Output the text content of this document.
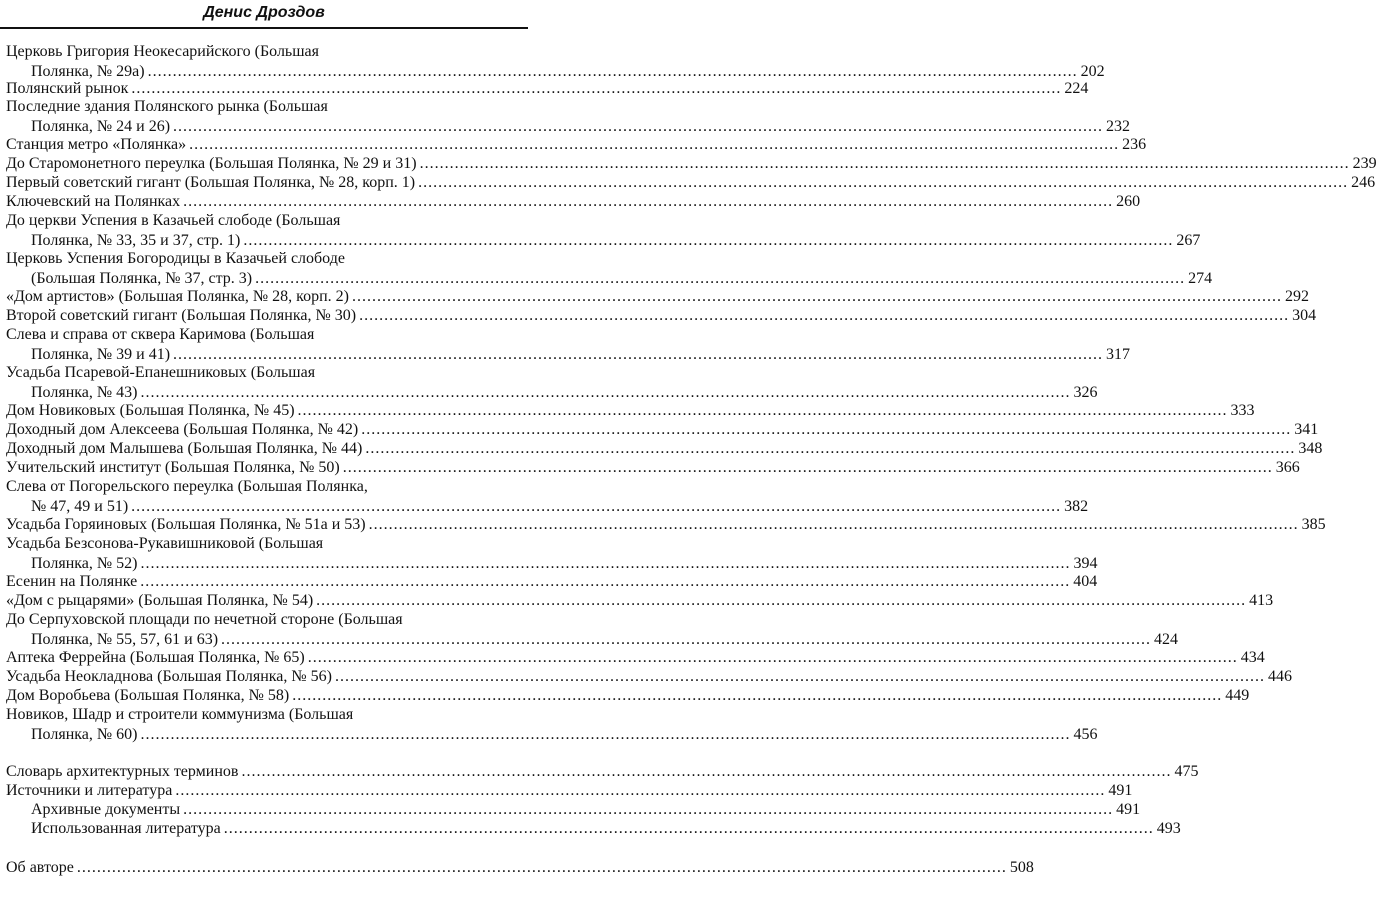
Денис Дроздов
Церковь Григория Неокесарийского (Большая
Полянка, № 29а) .....	202
Полянский рынок .....	224
Последние здания Полянского рынка (Большая
Полянка, № 24 и 26) .....	232
Станция метро «Полянка» .....	236
До Старомонетного переулка (Большая Полянка, № 29 и 31) .....	239
Первый советский гигант (Большая Полянка, № 28, корп. 1) .....	246
Ключевский на Полянках .....	260
До церкви Успения в Казачьей слободе (Большая
Полянка, № 33, 35 и 37, стр. 1) .....	267
Церковь Успения Богородицы в Казачьей слободе
(Большая Полянка, № 37, стр. 3) .....	274
«Дом артистов» (Большая Полянка, № 28, корп. 2) .....	292
Второй советский гигант (Большая Полянка, № 30) .....	304
Слева и справа от сквера Каримова (Большая
Полянка, № 39 и 41) .....	317
Усадьба Псаревой-Епанешниковых (Большая
Полянка, № 43) .....	326
Дом Новиковых (Большая Полянка, № 45) .....	333
Доходный дом Алексеева (Большая Полянка, № 42) .....	341
Доходный дом Малышева (Большая Полянка, № 44) .....	348
Учительский институт (Большая Полянка, № 50) .....	366
Слева от Погорельского переулка (Большая Полянка,
№ 47, 49 и 51) .....	382
Усадьба Горяиновых (Большая Полянка, № 51а и 53) .....	385
Усадьба Безсонова-Рукавишниковой (Большая
Полянка, № 52) .....	394
Есенин на Полянке .....	404
«Дом с рыцарями» (Большая Полянка, № 54) .....	413
До Серпуховской площади по нечетной стороне (Большая
Полянка, № 55, 57, 61 и 63) .....	424
Аптека Феррейна (Большая Полянка, № 65) .....	434
Усадьба Неокладнова (Большая Полянка, № 56) .....	446
Дом Воробьева (Большая Полянка, № 58) .....	449
Новиков, Шадр и строители коммунизма (Большая
Полянка, № 60) .....	456
Словарь архитектурных терминов .....	475
Источники и литература .....	491
Архивные документы .....	491
Использованная литература .....	493
Об авторе .....	508
